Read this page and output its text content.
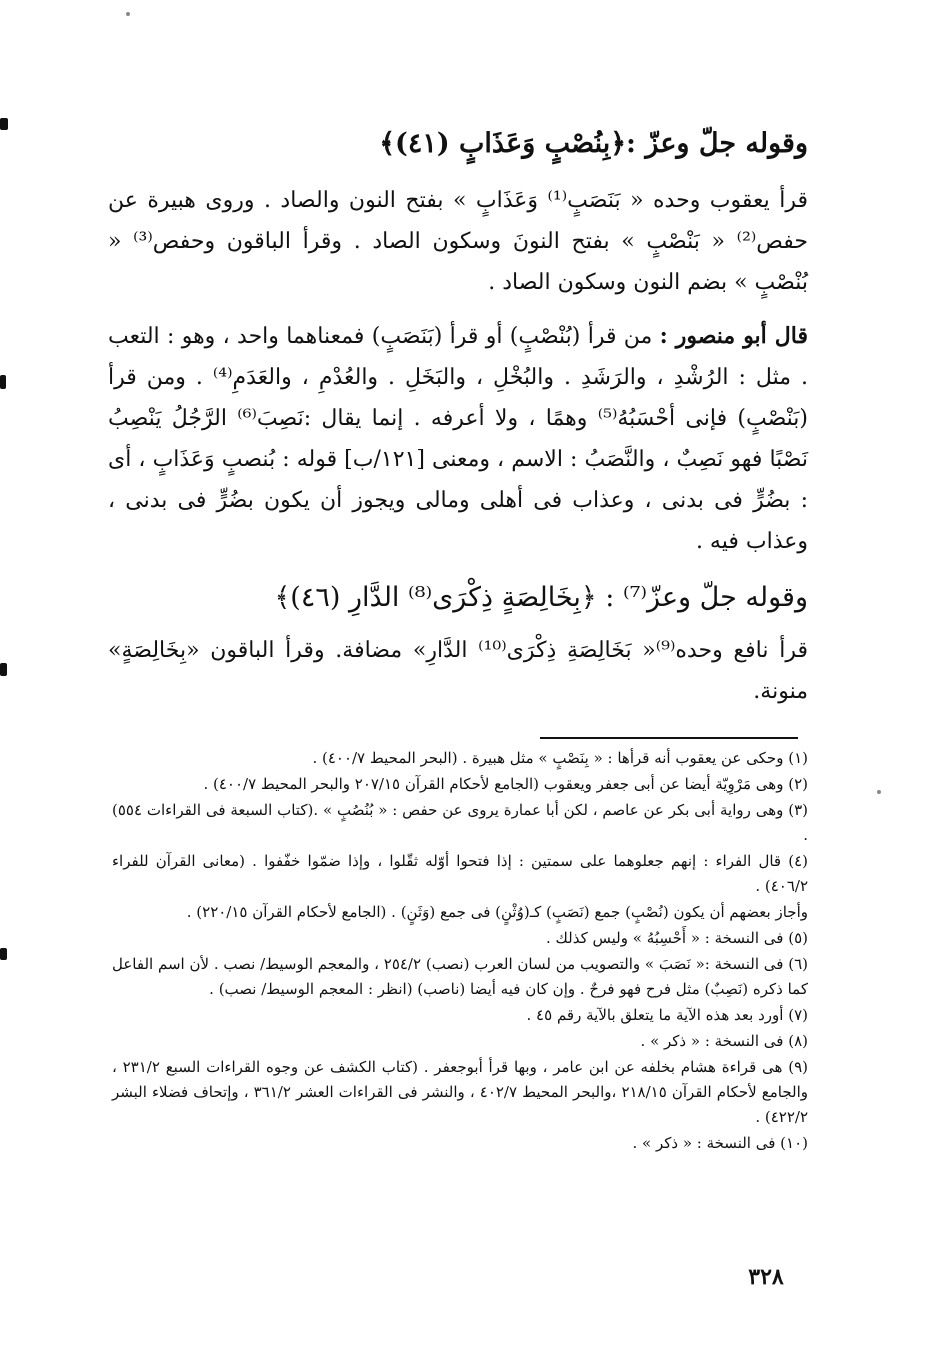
وقوله جلّ وعزّ :﴿بِنُصْبٍ وَعَذَابٍ (٤١)﴾
قرأ يعقوب وحده « بَنَصَبٍ⁽¹⁾ وَعَذَابٍ » بفتح النون والصاد . وروى هبيرة عن حفص⁽²⁾ « بَنْصْبٍ » بفتح النونَ وسكون الصاد . وقرأ الباقون وحفص⁽³⁾ « بُنْصْبٍ » بضم النون وسكون الصاد .
قال أبو منصور : من قرأ (بُنْصْبٍ) أو قرأ (بَنَصَبٍ) فمعناهما واحد ، وهو : التعب . مثل : الرُشْدِ ، والرَشَدِ . والبُخْلِ ، والبَخَلِ . والعُدْمِ ، والعَدَمِ⁽⁴⁾ . ومن قرأ (بَنْصْبٍ) فإنى أحْسَبُهُ⁽⁵⁾ وهمًا ، ولا أعرفه . إنما يقال :نَصِبَ⁽⁶⁾ الرَّجُلُ يَنْصِبُ نَصْبًا فهو نَصِبٌ ، والنَّصَبُ : الاسم ، ومعنى [١٢١/ب] قوله : بُنصبٍ وَعَذَابٍ ، أى : بضُرٍّ فى بدنى ، وعذاب فى أهلى ومالى ويجوز أن يكون بضُرٍّ فى بدنى ، وعذاب فيه .
وقوله جلّ وعزّ⁽⁷⁾ : ﴿بِخَالِصَةٍ ذِكْرَى⁽⁸⁾ الدَّارِ (٤٦)﴾
قرأ نافع وحده⁽⁹⁾« بَخَالِصَةِ ذِكْرَى⁽¹⁰⁾ الدَّارِ» مضافة. وقرأ الباقون «بِخَالِصَةٍ» منونة.
(١) وحكى عن يعقوب أنه قرأها : « بِنَصْبٍ » مثل هبيرة . (البحر المحيط ٤٠٠/٧) .
(٢) وهى مَرْوِيّة أيضا عن أبى جعفر ويعقوب (الجامع لأحكام القرآن ٢٠٧/١٥ والبحر المحيط ٤٠٠/٧) .
(٣) وهى رواية أبى بكر عن عاصم ، لكن أبا عمارة يروى عن حفص : « بُنُصُبٍ » .(كتاب السبعة فى القراءات ٥٥٤) .
(٤) قال الفراء : إنهم جعلوهما على سمتين : إذا فتحوا أوّله ثقّلوا ، وإذا ضمّوا خفّفوا . (معانى القرآن للفراء ٤٠٦/٢) .
وأجاز بعضهم أن يكون (نُصْبٍ) جمع (نَصَبٍ) كـ(وُثْنٍ) فى جمع (وَثَنٍ) . (الجامع لأحكام القرآن ٢٢٠/١٥) .
(٥) فى النسخة : « أَحْسِبُهُ » وليس كذلك .
(٦) فى النسخة :« نَصَبَ » والتصويب من لسان العرب (نصب) ٢٥٤/٢ ، والمعجم الوسيط/ نصب . لأن اسم الفاعل كما ذكره (نَصِبٌ) مثل فرح فهو فرحٌ . وإن كان فيه أيضا (ناصب) (انظر : المعجم الوسيط/ نصب) .
(٧) أورد بعد هذه الآية ما يتعلق بالآية رقم ٤٥ .
(٨) فى النسخة : « ذكر » .
(٩) هى قراءة هشام بخلفه عن ابن عامر ، وبها قرأ أبوجعفر . (كتاب الكشف عن وجوه القراءات السبع ٢٣١/٢ ، والجامع لأحكام القرآن ٢١٨/١٥ ،والبحر المحيط ٤٠٢/٧ ، والنشر فى القراءات العشر ٣٦١/٢ ، وإتحاف فضلاء البشر ٤٢٢/٢) .
(١٠) فى النسخة : « ذكر » .
٣٢٨
